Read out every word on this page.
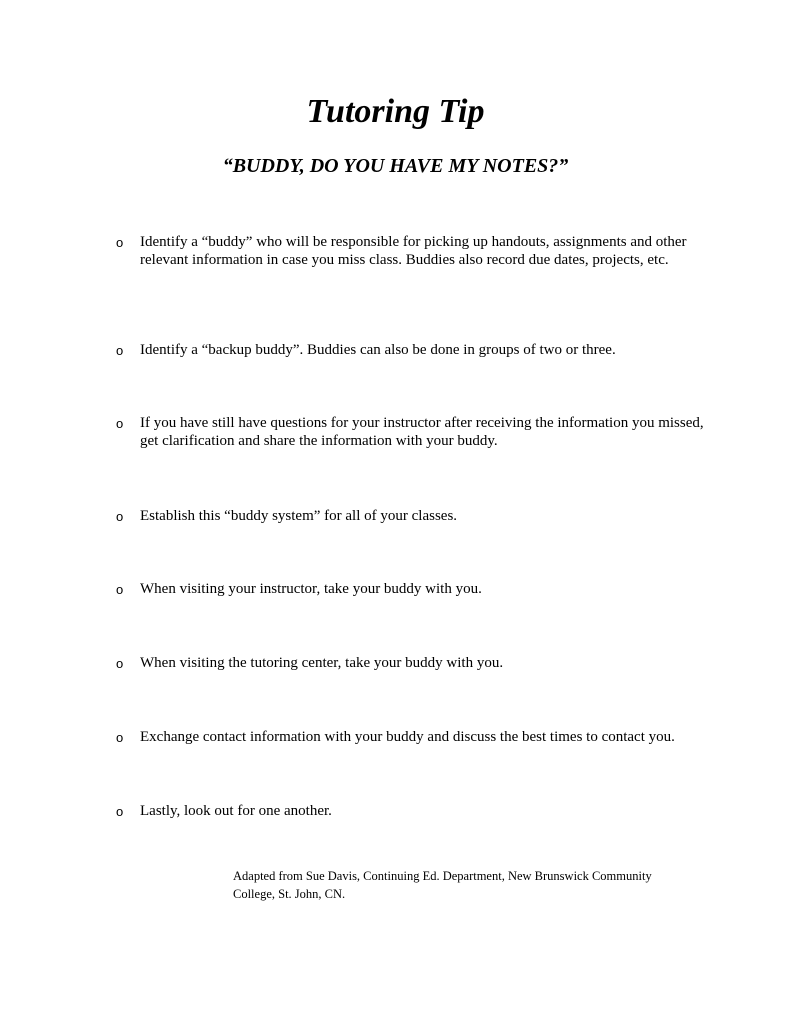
Tutoring Tip
“BUDDY, DO YOU HAVE MY NOTES?”
o Identify a “buddy” who will be responsible for picking up handouts, assignments and other relevant information in case you miss class. Buddies also record due dates, projects, etc.
o Identify a “backup buddy”. Buddies can also be done in groups of two or three.
o If you have still have questions for your instructor after receiving the information you missed, get clarification and share the information with your buddy.
o Establish this “buddy system” for all of your classes.
o When visiting your instructor, take your buddy with you.
o When visiting the tutoring center, take your buddy with you.
o Exchange contact information with your buddy and discuss the best times to contact you.
o Lastly, look out for one another.
Adapted from Sue Davis, Continuing Ed. Department, New Brunswick Community College, St. John, CN.
